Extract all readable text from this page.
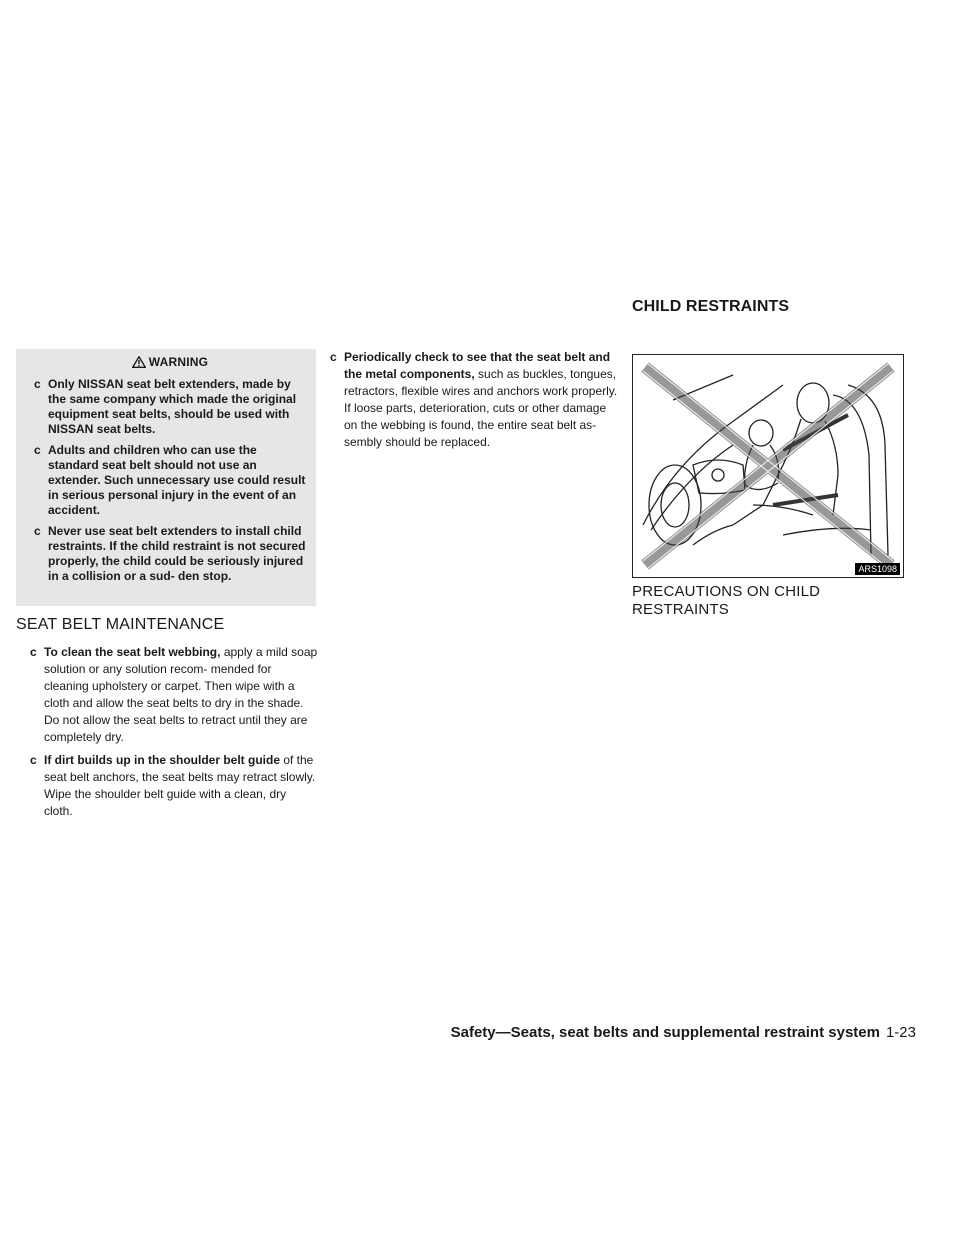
CHILD RESTRAINTS
WARNING
c Only NISSAN seat belt extenders, made by the same company which made the original equipment seat belts, should be used with NISSAN seat belts.
c Adults and children who can use the standard seat belt should not use an extender. Such unnecessary use could result in serious personal injury in the event of an accident.
c Never use seat belt extenders to install child restraints. If the child restraint is not secured properly, the child could be seriously injured in a collision or a sud- den stop.
SEAT BELT MAINTENANCE
c To clean the seat belt webbing, apply a mild soap solution or any solution recom- mended for cleaning upholstery or carpet. Then wipe with a cloth and allow the seat belts to dry in the shade. Do not allow the seat belts to retract until they are completely dry.
c If dirt builds up in the shoulder belt guide of the seat belt anchors, the seat belts may retract slowly. Wipe the shoulder belt guide with a clean, dry cloth.
c Periodically check to see that the seat belt and the metal components, such as buckles, tongues, retractors, flexible wires and anchors work properly. If loose parts, deterioration, cuts or other damage on the webbing is found, the entire seat belt as- sembly should be replaced.
ARS1098
PRECAUTIONS ON CHILD RESTRAINTS
Safety—Seats, seat belts and supplemental restraint system 1-23
